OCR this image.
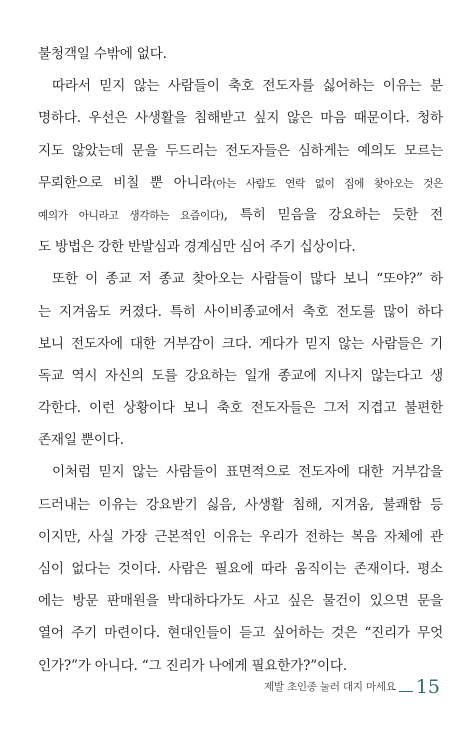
불청객일 수밖에 없다.
따라서 믿지 않는 사람들이 축호 전도자를 싫어하는 이유는 분
명하다. 우선은 사생활을 침해받고 싶지 않은 마음 때문이다. 청하
지도 않았는데 문을 두드리는 전도자들은 심하게는 예의도 모르는
무뢰한으로 비칠 뿐 아니라(아는 사람도 연락 없이 집에 찾아오는 것은
예의가 아니라고 생각하는 요즘이다), 특히 믿음을 강요하는 듯한 전
도 방법은 강한 반발심과 경계심만 심어 주기 십상이다.
또한 이 종교 저 종교 찾아오는 사람들이 많다 보니 “또야?” 하
는 지겨움도 커졌다. 특히 사이비종교에서 축호 전도를 많이 하다
보니 전도자에 대한 거부감이 크다. 게다가 믿지 않는 사람들은 기
독교 역시 자신의 도를 강요하는 일개 종교에 지나지 않는다고 생
각한다. 이런 상황이다 보니 축호 전도자들은 그저 지겹고 불편한
존재일 뿐이다.
이처럼 믿지 않는 사람들이 표면적으로 전도자에 대한 거부감을
드러내는 이유는 강요받기 싫음, 사생활 침해, 지겨움, 불쾌함 등
이지만, 사실 가장 근본적인 이유는 우리가 전하는 복음 자체에 관
심이 없다는 것이다. 사람은 필요에 따라 움직이는 존재이다. 평소
에는 방문 판매원을 박대하다가도 사고 싶은 물건이 있으면 문을
열어 주기 마련이다. 현대인들이 듣고 싶어하는 것은 “진리가 무엇
인가?”가 아니다. “그 진리가 나에게 필요한가?”이다.
제발 초인종 눌러 대지 마세요 15
